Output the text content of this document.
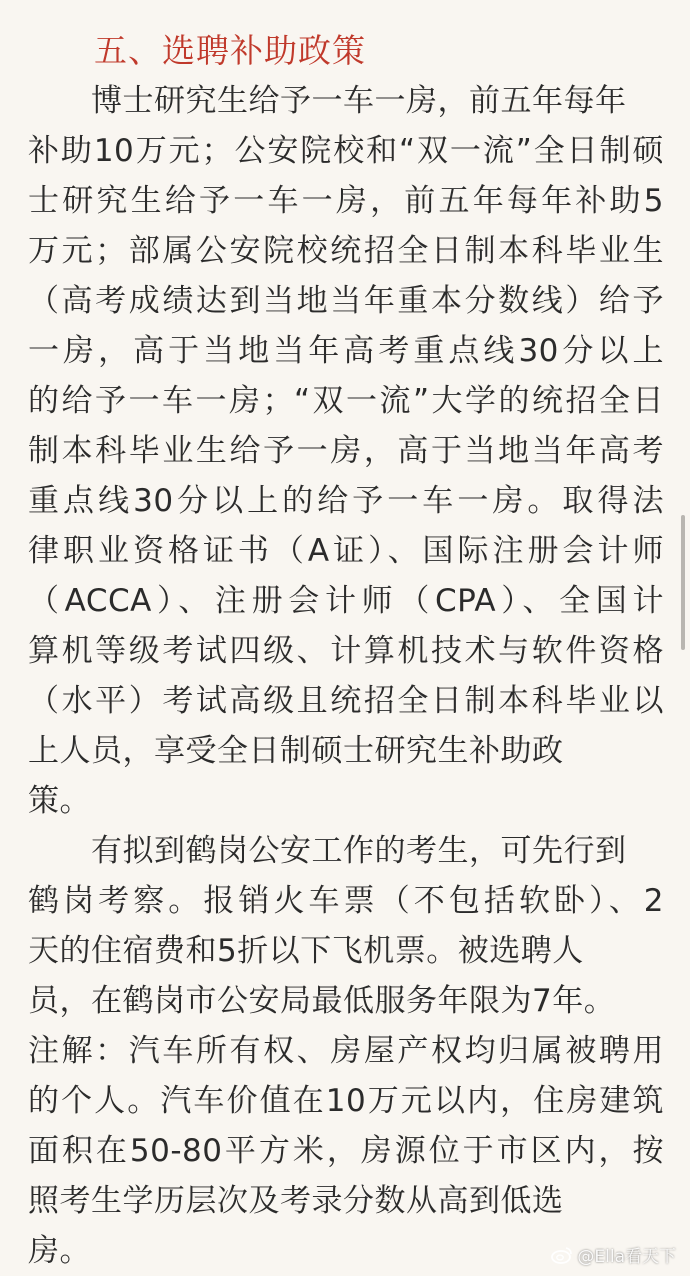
五、选聘补助政策
　　博士研究生给予一车一房，前五年每年
补助10万元；公安院校和“双一流”全日制硕
士研究生给予一车一房，前五年每年补助5
万元；部属公安院校统招全日制本科毕业生
（高考成绩达到当地当年重本分数线）给予
一房，高于当地当年高考重点线30分以上
的给予一车一房；“双一流”大学的统招全日
制本科毕业生给予一房，高于当地当年高考
重点线30分以上的给予一车一房。取得法
律职业资格证书（A证）、国际注册会计师
（ACCA）、注册会计师（CPA）、全国计
算机等级考试四级、计算机技术与软件资格
（水平）考试高级且统招全日制本科毕业以
上人员，享受全日制硕士研究生补助政
策。
　　有拟到鹤岗公安工作的考生，可先行到
鹤岗考察。报销火车票（不包括软卧）、2
天的住宿费和5折以下飞机票。被选聘人
员，在鹤岗市公安局最低服务年限为7年。
注解：汽车所有权、房屋产权均归属被聘用
的个人。汽车价值在10万元以内，住房建筑
面积在50-80平方米，房源位于市区内，按
照考生学历层次及考录分数从高到低选
房。	@Ella看天下
